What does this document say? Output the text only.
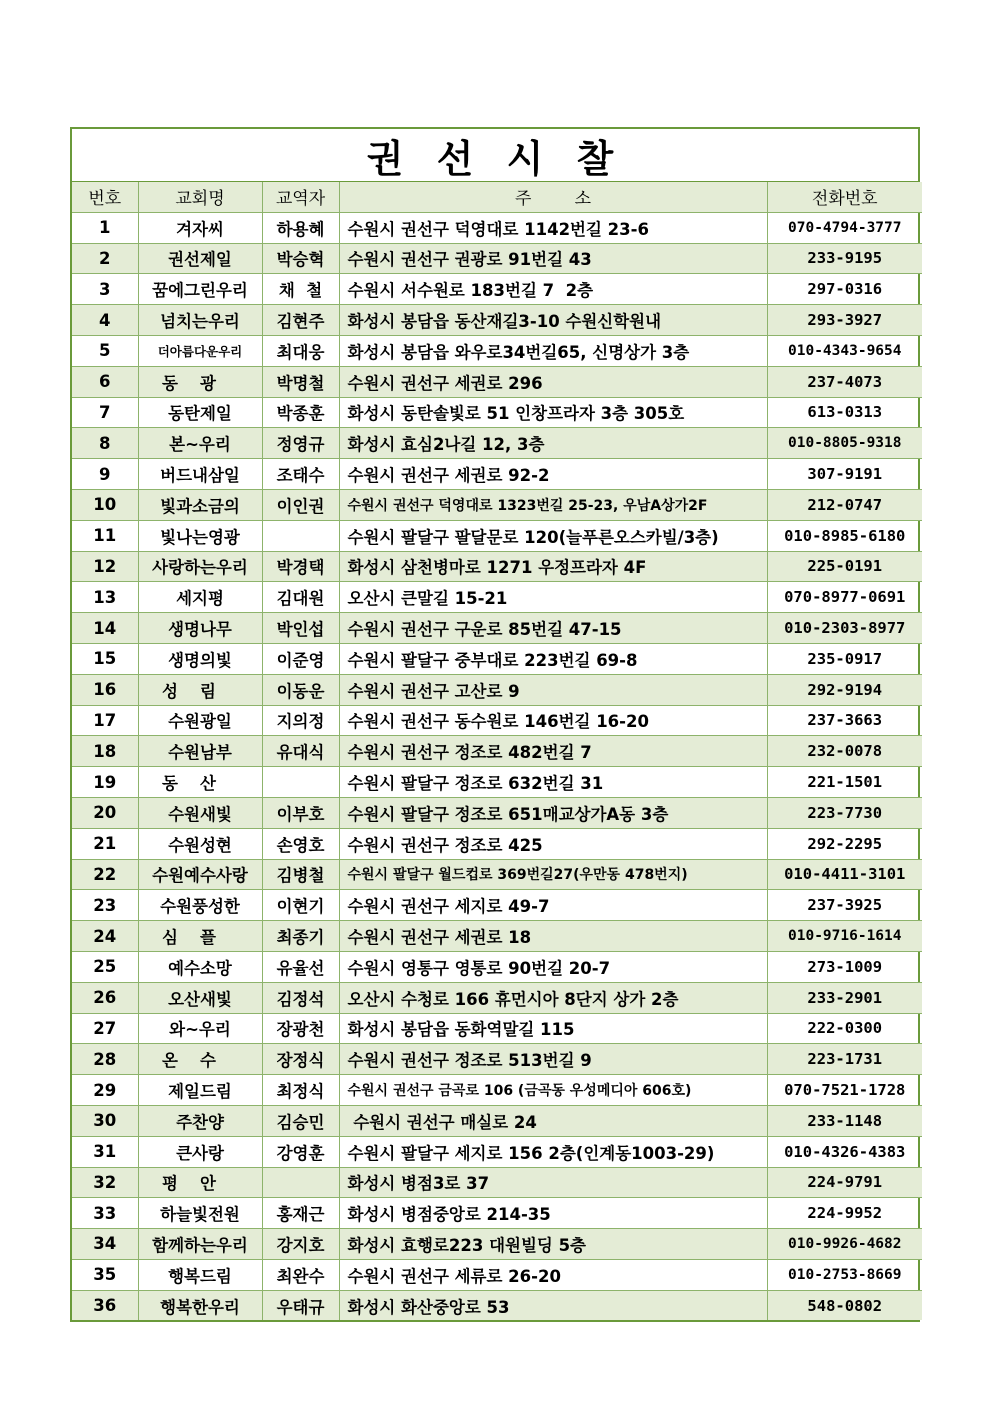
권 선 시 찰
번호	교회명	교역자	주        소	전화번호
1	겨자씨	하용혜	수원시 권선구 덕영대로 1142번길 23-6	070-4794-3777
2	권선제일	박승혁	수원시 권선구 권광로 91번길 43	233-9195
3	꿈에그린우리	채  철	수원시 서수원로 183번길 7  2층	297-0316
4	넘치는우리	김현주	화성시 봉담읍 동산재길3-10 수원신학원내	293-3927
5	더아름다운우리	최대웅	화성시 봉담읍 와우로34번길65, 신명상가 3층	010-4343-9654
6	동광	박명철	수원시 권선구 세권로 296	237-4073
7	동탄제일	박종훈	화성시 동탄솔빛로 51 인창프라자 3층 305호	613-0313
8	본~우리	정영규	화성시 효심2나길 12, 3층	010-8805-9318
9	버드내삼일	조태수	수원시 권선구 세권로 92-2	307-9191
10	빛과소금의	이인권	수원시 권선구 덕영대로 1323번길 25-23, 우남A상가2F	212-0747
11	빛나는영광		수원시 팔달구 팔달문로 120(늘푸른오스카빌/3층)	010-8985-6180
12	사랑하는우리	박경택	화성시 삼천병마로 1271 우정프라자 4F	225-0191
13	세지평	김대원	오산시 큰말길 15-21	070-8977-0691
14	생명나무	박인섭	수원시 권선구 구운로 85번길 47-15	010-2303-8977
15	생명의빛	이준영	수원시 팔달구 중부대로 223번길 69-8	235-0917
16	성림	이동운	수원시 권선구 고산로 9	292-9194
17	수원광일	지의정	수원시 권선구 동수원로 146번길 16-20	237-3663
18	수원남부	유대식	수원시 권선구 정조로 482번길 7	232-0078
19	동산		수원시 팔달구 정조로 632번길 31	221-1501
20	수원새빛	이부호	수원시 팔달구 정조로 651매교상가A동 3층	223-7730
21	수원성현	손영호	수원시 권선구 정조로 425	292-2295
22	수원예수사랑	김병철	수원시 팔달구 월드컵로 369번길27(우만동 478번지)	010-4411-3101
23	수원풍성한	이현기	수원시 권선구 세지로 49-7	237-3925
24	심플	최종기	수원시 권선구 세권로 18	010-9716-1614
25	예수소망	유율선	수원시 영통구 영통로 90번길 20-7	273-1009
26	오산새빛	김정석	오산시 수청로 166 휴먼시아 8단지 상가 2층	233-2901
27	와~우리	장광천	화성시 봉담읍 동화역말길 115	222-0300
28	온수	장정식	수원시 권선구 정조로 513번길 9	223-1731
29	제일드림	최정식	수원시 권선구 금곡로 106 (금곡동 우성메디아 606호)	070-7521-1728
30	주찬양	김승민	수원시 권선구 매실로 24	233-1148
31	큰사랑	강영훈	수원시 팔달구 세지로 156 2층(인계동1003-29)	010-4326-4383
32	평안		화성시 병점3로 37	224-9791
33	하늘빛전원	홍재근	화성시 병점중앙로 214-35	224-9952
34	함께하는우리	강지호	화성시 효행로223 대원빌딩 5층	010-9926-4682
35	행복드림	최완수	수원시 권선구 세류로 26-20	010-2753-8669
36	행복한우리	우태규	화성시 화산중앙로 53	548-0802
